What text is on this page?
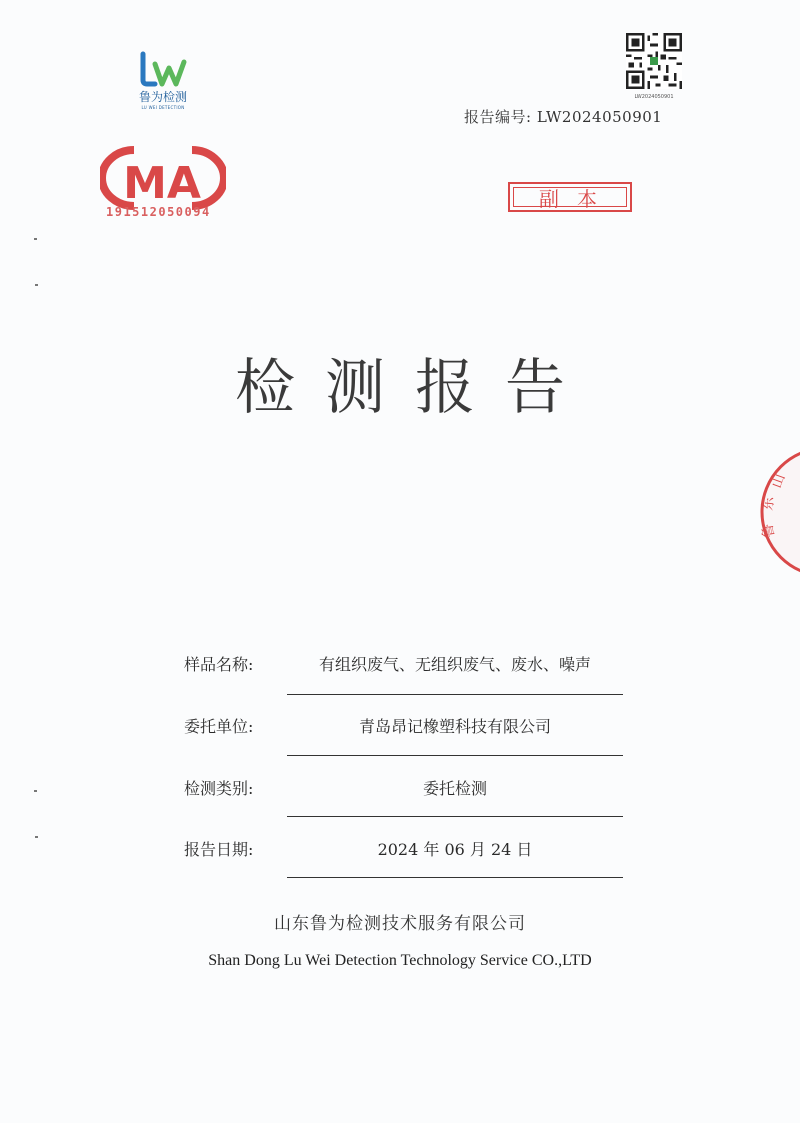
鲁为检测
LU WEI DETECTION
LW2024050901
报告编号: LW2024050901
MA
191512050094
副本
检测报告
山
东
鲁
样品名称:	有组织废气、无组织废气、废水、噪声
委托单位:	青岛昂记橡塑科技有限公司
检测类别:	委托检测
报告日期:	2024 年 06 月 24 日
山东鲁为检测技术服务有限公司
Shan Dong Lu Wei Detection Technology Service CO.,LTD
